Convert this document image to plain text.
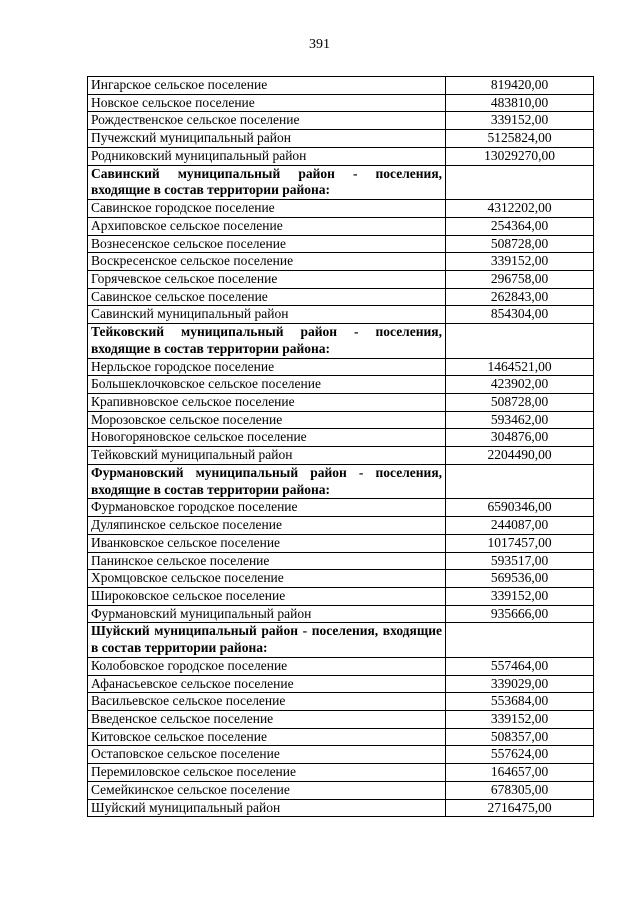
391
Ингарское сельское поселение	819420,00
Новское сельское поселение	483810,00
Рождественское сельское поселение	339152,00
Пучежский муниципальный район	5125824,00
Родниковский муниципальный район	13029270,00
Савинский муниципальный район - поселения, входящие в состав территории района:	
Савинское городское поселение	4312202,00
Архиповское сельское поселение	254364,00
Вознесенское сельское поселение	508728,00
Воскресенское сельское поселение	339152,00
Горячевское сельское поселение	296758,00
Савинское сельское поселение	262843,00
Савинский муниципальный район	854304,00
Тейковский муниципальный район - поселения, входящие в состав территории района:	
Нерльское городское поселение	1464521,00
Большеклочковское сельское поселение	423902,00
Крапивновское сельское поселение	508728,00
Морозовское сельское поселение	593462,00
Новогоряновское сельское поселение	304876,00
Тейковский муниципальный район	2204490,00
Фурмановский муниципальный район - поселения, входящие в состав территории района:	
Фурмановское городское поселение	6590346,00
Дуляпинское сельское поселение	244087,00
Иванковское сельское поселение	1017457,00
Панинское сельское поселение	593517,00
Хромцовское сельское поселение	569536,00
Широковское сельское поселение	339152,00
Фурмановский муниципальный район	935666,00
Шуйский муниципальный район - поселения, входящие в состав территории района:	
Колобовское городское поселение	557464,00
Афанасьевское сельское поселение	339029,00
Васильевское сельское поселение	553684,00
Введенское сельское поселение	339152,00
Китовское сельское поселение	508357,00
Остаповское сельское поселение	557624,00
Перемиловское сельское поселение	164657,00
Семейкинское сельское поселение	678305,00
Шуйский муниципальный район	2716475,00
